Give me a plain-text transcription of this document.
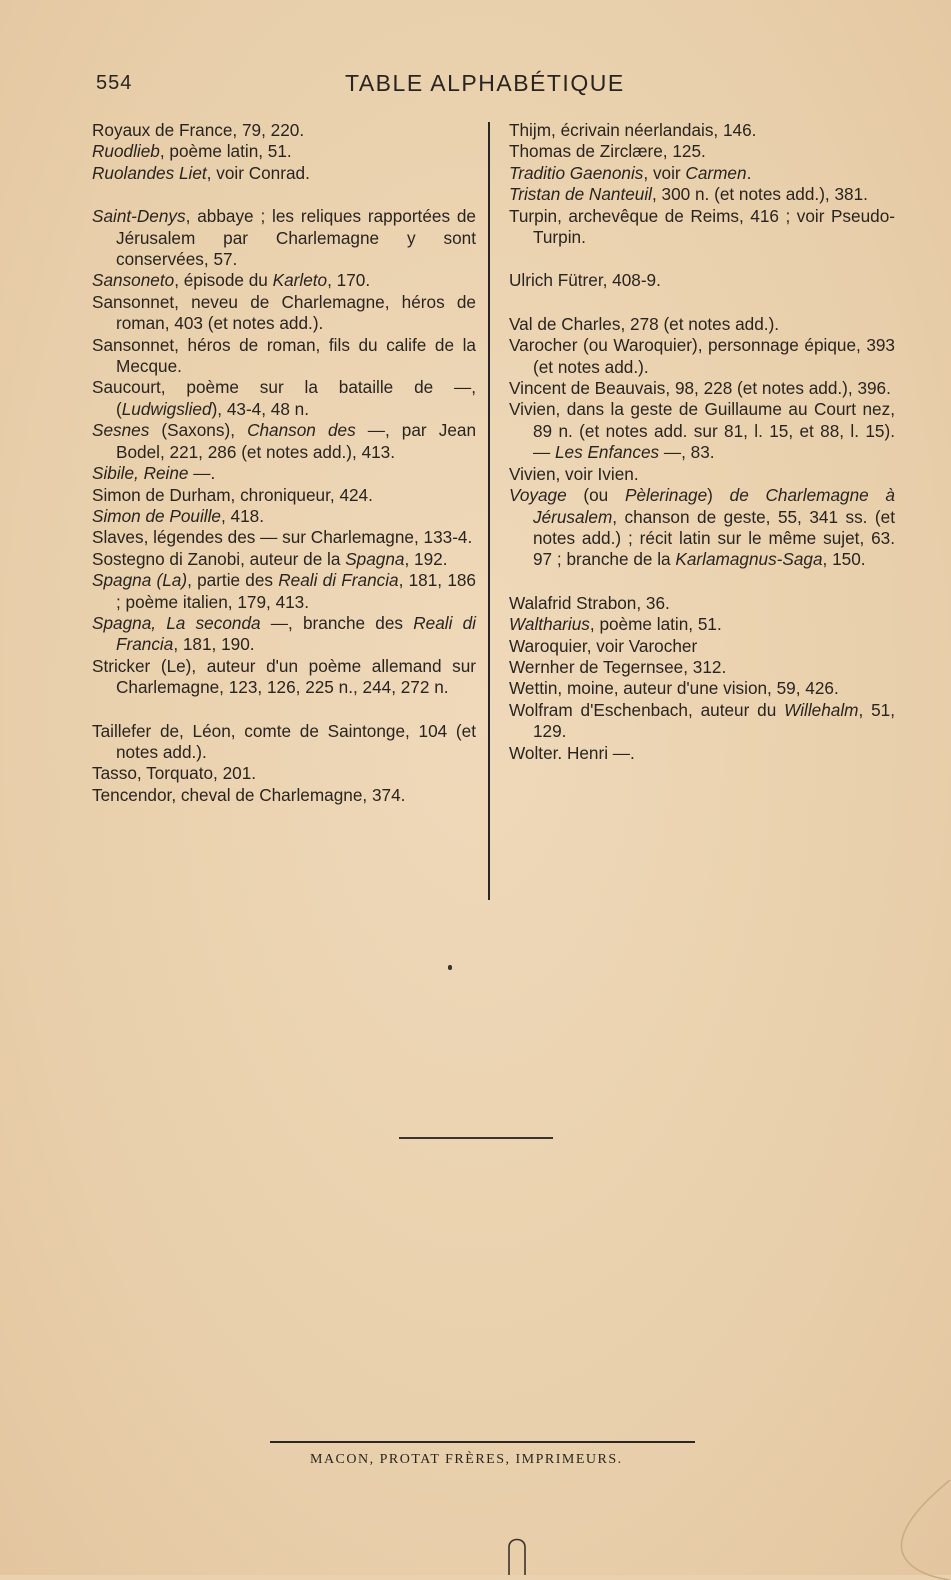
554	TABLE ALPHABÉTIQUE
Royaux de France, 79, 220.
Ruodlieb, poème latin, 51.
Ruolandes Liet, voir Conrad.
Saint-Denys, abbaye ; les reliques rapportées de Jérusalem par Charlemagne y sont conservées, 57.
Sansoneto, épisode du Karleto, 170.
Sansonnet, neveu de Charlemagne, héros de roman, 403 (et notes add.).
Sansonnet, héros de roman, fils du calife de la Mecque.
Saucourt, poème sur la bataille de —, (Ludwigslied), 43-4, 48 n.
Sesnes (Saxons), Chanson des —, par Jean Bodel, 221, 286 (et notes add.), 413.
Sibile, Reine —.
Simon de Durham, chroniqueur, 424.
Simon de Pouille, 418.
Slaves, légendes des — sur Charlemagne, 133-4.
Sostegno di Zanobi, auteur de la Spagna, 192.
Spagna (La), partie des Reali di Francia, 181, 186 ; poème italien, 179, 413.
Spagna, La seconda —, branche des Reali di Francia, 181, 190.
Stricker (Le), auteur d'un poème allemand sur Charlemagne, 123, 126, 225 n., 244, 272 n.
Taillefer de, Léon, comte de Saintonge, 104 (et notes add.).
Tasso, Torquato, 201.
Tencendor, cheval de Charlemagne, 374.
Thijm, écrivain néerlandais, 146.
Thomas de Zirclære, 125.
Traditio Gaenonis, voir Carmen.
Tristan de Nanteuil, 300 n. (et notes add.), 381.
Turpin, archevêque de Reims, 416 ; voir Pseudo-Turpin.
Ulrich Fütrer, 408-9.
Val de Charles, 278 (et notes add.).
Varocher (ou Waroquier), personnage épique, 393 (et notes add.).
Vincent de Beauvais, 98, 228 (et notes add.), 396.
Vivien, dans la geste de Guillaume au Court nez, 89 n. (et notes add. sur 81, l. 15, et 88, l. 15). — Les Enfances —, 83.
Vivien, voir Ivien.
Voyage (ou Pèlerinage) de Charlemagne à Jérusalem, chanson de geste, 55, 341 ss. (et notes add.) ; récit latin sur le même sujet, 63. 97 ; branche de la Karlamagnus-Saga, 150.
Walafrid Strabon, 36.
Waltharius, poème latin, 51.
Waroquier, voir Varocher
Wernher de Tegernsee, 312.
Wettin, moine, auteur d'une vision, 59, 426.
Wolfram d'Eschenbach, auteur du Willehalm, 51, 129.
Wolter. Henri —.
MACON, PROTAT FRÈRES, IMPRIMEURS.
